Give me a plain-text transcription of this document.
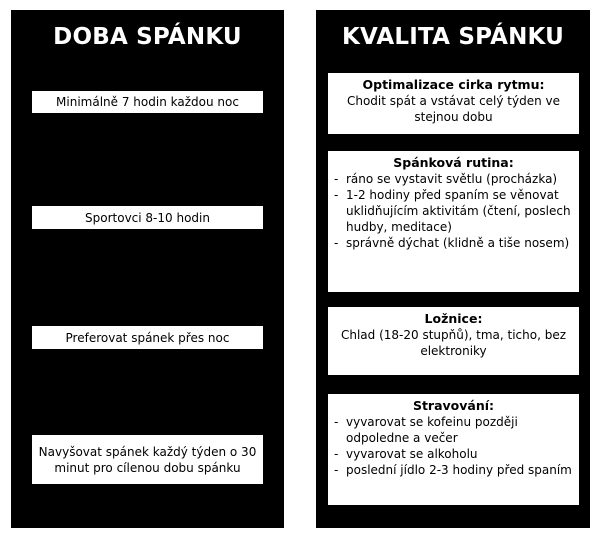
DOBA SPÁNKU
Minimálně 7 hodin každou noc
Sportovci 8-10 hodin
Preferovat spánek přes noc
Navyšovat spánek každý týden o 30 minut pro cílenou dobu spánku
KVALITA SPÁNKU
Optimalizace cirka rytmu:
Chodit spát a vstávat celý týden ve stejnou dobu
Spánková rutina:
- ráno se vystavit světlu (procházka)
- 1-2 hodiny před spaním se věnovat uklidňujícím aktivitám (čtení, poslech hudby, meditace)
- správně dýchat (klidně a tiše nosem)
Ložnice:
Chlad (18-20 stupňů), tma, ticho, bez elektroniky
Stravování:
- vyvarovat se kofeinu později odpoledne a večer
- vyvarovat se alkoholu
- poslední jídlo 2-3 hodiny před spaním
